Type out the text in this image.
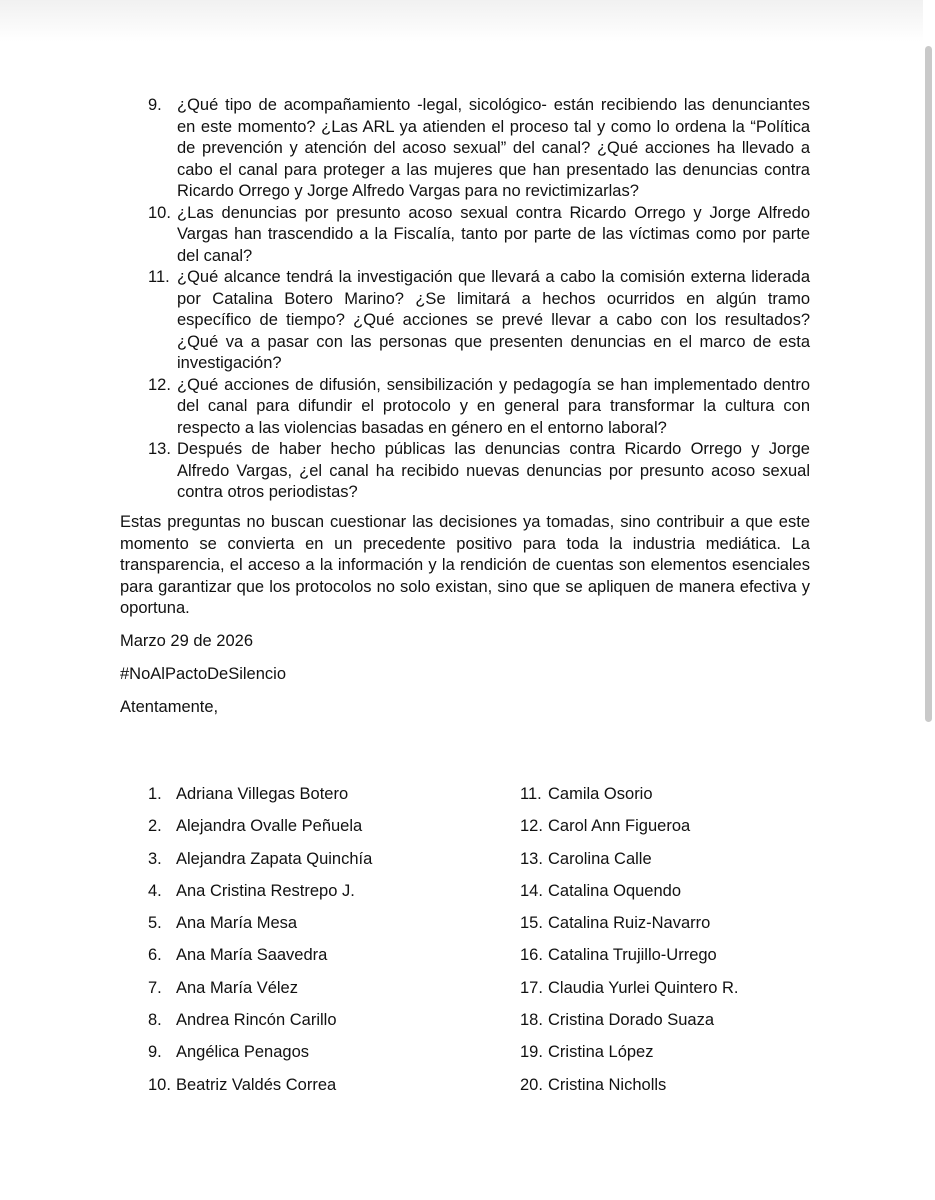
9. ¿Qué tipo de acompañamiento -legal, sicológico- están recibiendo las denunciantes en este momento? ¿Las ARL ya atienden el proceso tal y como lo ordena la “Política de prevención y atención del acoso sexual” del canal? ¿Qué acciones ha llevado a cabo el canal para proteger a las mujeres que han presentado las denuncias contra Ricardo Orrego y Jorge Alfredo Vargas para no revictimizarlas?
10. ¿Las denuncias por presunto acoso sexual contra Ricardo Orrego y Jorge Alfredo Vargas han trascendido a la Fiscalía, tanto por parte de las víctimas como por parte del canal?
11. ¿Qué alcance tendrá la investigación que llevará a cabo la comisión externa liderada por Catalina Botero Marino? ¿Se limitará a hechos ocurridos en algún tramo específico de tiempo? ¿Qué acciones se prevé llevar a cabo con los resultados? ¿Qué va a pasar con las personas que presenten denuncias en el marco de esta investigación?
12. ¿Qué acciones de difusión, sensibilización y pedagogía se han implementado dentro del canal para difundir el protocolo y en general para transformar la cultura con respecto a las violencias basadas en género en el entorno laboral?
13. Después de haber hecho públicas las denuncias contra Ricardo Orrego y Jorge Alfredo Vargas, ¿el canal ha recibido nuevas denuncias por presunto acoso sexual contra otros periodistas?

Estas preguntas no buscan cuestionar las decisiones ya tomadas, sino contribuir a que este momento se convierta en un precedente positivo para toda la industria mediática. La transparencia, el acceso a la información y la rendición de cuentas son elementos esenciales para garantizar que los protocolos no solo existan, sino que se apliquen de manera efectiva y oportuna.

Marzo 29 de 2026

#NoAlPactoDeSilencio

Atentamente,

1. Adriana Villegas Botero
2. Alejandra Ovalle Peñuela
3. Alejandra Zapata Quinchía
4. Ana Cristina Restrepo J.
5. Ana María Mesa
6. Ana María Saavedra
7. Ana María Vélez
8. Andrea Rincón Carillo
9. Angélica Penagos
10. Beatriz Valdés Correa
11. Camila Osorio
12. Carol Ann Figueroa
13. Carolina Calle
14. Catalina Oquendo
15. Catalina Ruiz-Navarro
16. Catalina Trujillo-Urrego
17. Claudia Yurlei Quintero R.
18. Cristina Dorado Suaza
19. Cristina López
20. Cristina Nicholls
